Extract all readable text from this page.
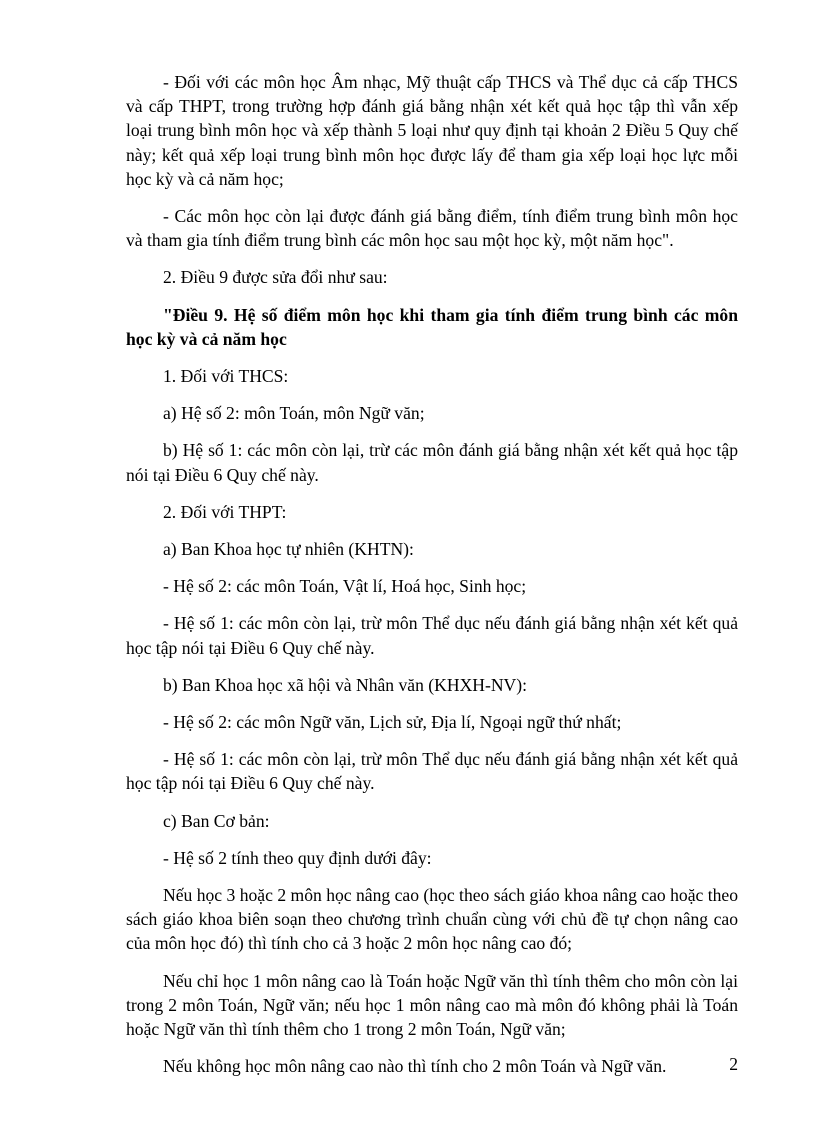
- Đối với các môn học Âm nhạc, Mỹ thuật cấp THCS và Thể dục cả cấp THCS và cấp THPT, trong trường hợp đánh giá bằng nhận xét kết quả học tập thì vẫn xếp loại trung bình môn học và xếp thành 5 loại như quy định tại khoản 2 Điều 5 Quy chế này; kết quả xếp loại trung bình môn học được lấy để tham gia xếp loại học lực mỗi học kỳ và cả năm học;

- Các môn học còn lại được đánh giá bằng điểm, tính điểm trung bình môn học và tham gia tính điểm trung bình các môn học sau một học kỳ, một năm học".

2. Điều 9 được sửa đổi như sau:

"Điều 9. Hệ số điểm môn học khi tham gia tính điểm trung bình các môn học kỳ và cả năm học

1. Đối với THCS:

a) Hệ số 2: môn Toán, môn Ngữ văn;

b) Hệ số 1: các môn còn lại, trừ các môn đánh giá bằng nhận xét kết quả học tập nói tại Điều 6 Quy chế này.

2. Đối với THPT:

a) Ban Khoa học tự nhiên (KHTN):

- Hệ số 2: các môn Toán, Vật lí, Hoá học, Sinh học;

- Hệ số 1: các môn còn lại, trừ môn Thể dục nếu đánh giá bằng nhận xét kết quả học tập nói tại Điều 6 Quy chế này.

b) Ban Khoa học xã hội và Nhân văn (KHXH-NV):

- Hệ số 2: các môn Ngữ văn, Lịch sử, Địa lí, Ngoại ngữ thứ nhất;

- Hệ số 1: các môn còn lại, trừ môn Thể dục nếu đánh giá bằng nhận xét kết quả học tập nói tại Điều 6 Quy chế này.

c) Ban Cơ bản:

- Hệ số 2 tính theo quy định dưới đây:

Nếu học 3 hoặc 2 môn học nâng cao (học theo sách giáo khoa nâng cao hoặc theo sách giáo khoa biên soạn theo chương trình chuẩn cùng với chủ đề tự chọn nâng cao của môn học đó) thì tính cho cả 3 hoặc 2 môn học nâng cao đó;

Nếu chỉ học 1 môn nâng cao là Toán hoặc Ngữ văn thì tính thêm cho môn còn lại trong 2 môn Toán, Ngữ văn; nếu học 1 môn nâng cao mà môn đó không phải là Toán hoặc Ngữ văn thì tính thêm cho 1 trong 2 môn Toán, Ngữ văn;

Nếu không học môn nâng cao nào thì tính cho 2 môn Toán và Ngữ văn.	2
